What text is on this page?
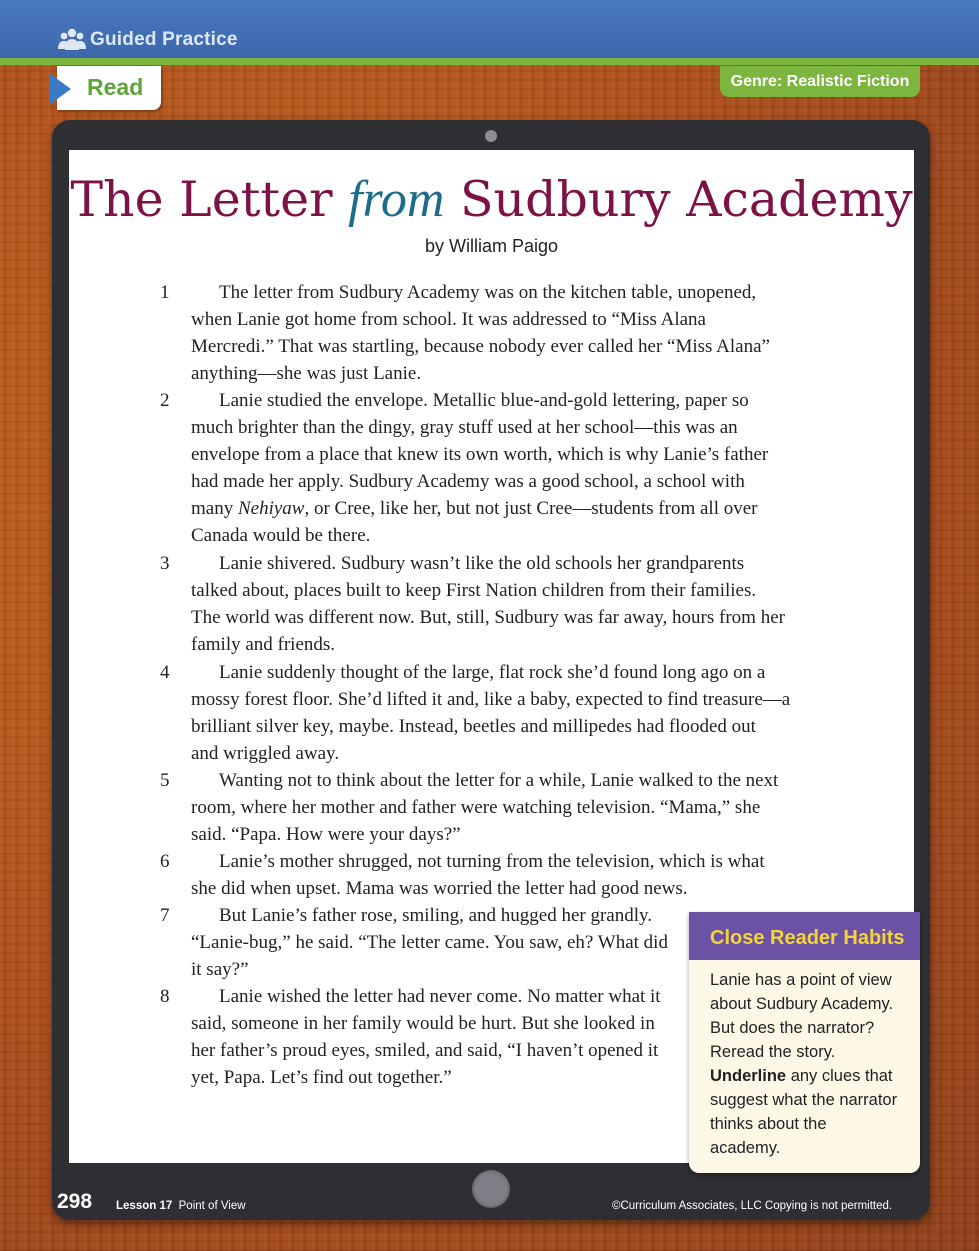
Guided Practice
Read	Genre: Realistic Fiction
The Letter from Sudbury Academy
by William Paigo
1	The letter from Sudbury Academy was on the kitchen table, unopened,
when Lanie got home from school. It was addressed to “Miss Alana
Mercredi.” That was startling, because nobody ever called her “Miss Alana”
anything—she was just Lanie.
2	Lanie studied the envelope. Metallic blue-and-gold lettering, paper so
much brighter than the dingy, gray stuff used at her school—this was an
envelope from a place that knew its own worth, which is why Lanie’s father
had made her apply. Sudbury Academy was a good school, a school with
many Nehiyaw, or Cree, like her, but not just Cree—students from all over
Canada would be there.
3	Lanie shivered. Sudbury wasn’t like the old schools her grandparents
talked about, places built to keep First Nation children from their families.
The world was different now. But, still, Sudbury was far away, hours from her
family and friends.
4	Lanie suddenly thought of the large, flat rock she’d found long ago on a
mossy forest floor. She’d lifted it and, like a baby, expected to find treasure—a
brilliant silver key, maybe. Instead, beetles and millipedes had flooded out
and wriggled away.
5	Wanting not to think about the letter for a while, Lanie walked to the next
room, where her mother and father were watching television. “Mama,” she
said. “Papa. How were your days?”
6	Lanie’s mother shrugged, not turning from the television, which is what
she did when upset. Mama was worried the letter had good news.
7	But Lanie’s father rose, smiling, and hugged her grandly.
“Lanie-bug,” he said. “The letter came. You saw, eh? What did
it say?”
8	Lanie wished the letter had never come. No matter what it
said, someone in her family would be hurt. But she looked in
her father’s proud eyes, smiled, and said, “I haven’t opened it
yet, Papa. Let’s find out together.”
Close Reader Habits
Lanie has a point of view
about Sudbury Academy.
But does the narrator?
Reread the story.
Underline any clues that
suggest what the narrator
thinks about the
academy.
298 Lesson 17 Point of View	©Curriculum Associates, LLC Copying is not permitted.
